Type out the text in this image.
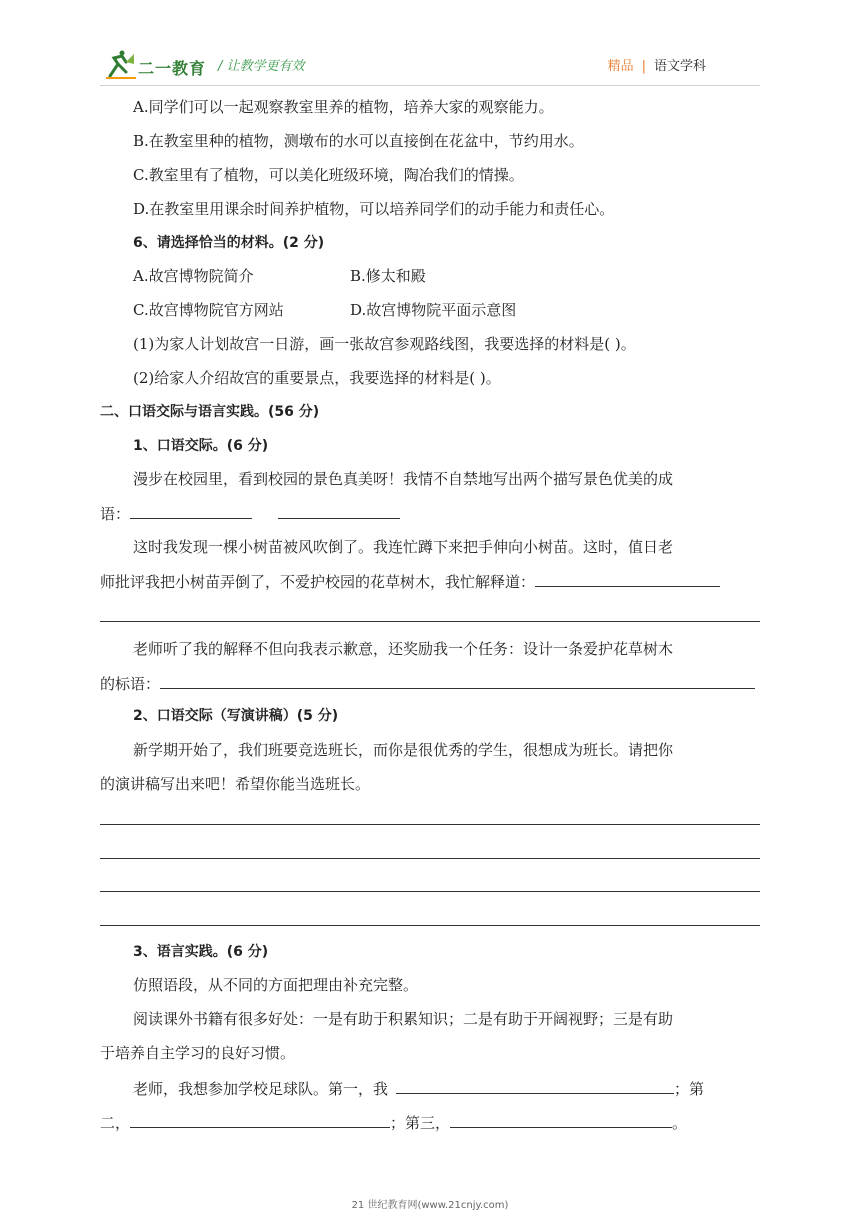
二一教育 / 让教学更有效	精品 | 语文学科
A.同学们可以一起观察教室里养的植物，培养大家的观察能力。
B.在教室里种的植物，测墩布的水可以直接倒在花盆中，节约用水。
C.教室里有了植物，可以美化班级环境，陶冶我们的情操。
D.在教室里用课余时间养护植物，可以培养同学们的动手能力和责任心。
6、请选择恰当的材料。(2 分)
A.故宫博物院简介	B.修太和殿
C.故宫博物院官方网站	D.故宫博物院平面示意图
(1)为家人计划故宫一日游，画一张故宫参观路线图，我要选择的材料是( )。
(2)给家人介绍故宫的重要景点，我要选择的材料是( )。
二、口语交际与语言实践。(56 分)
1、口语交际。(6 分)
漫步在校园里，看到校园的景色真美呀！我情不自禁地写出两个描写景色优美的成
语：
这时我发现一棵小树苗被风吹倒了。我连忙蹲下来把手伸向小树苗。这时，值日老
师批评我把小树苗弄倒了，不爱护校园的花草树木，我忙解释道：
老师听了我的解释不但向我表示歉意，还奖励我一个任务：设计一条爱护花草树木
的标语：
2、口语交际（写演讲稿）(5 分)
新学期开始了，我们班要竞选班长，而你是很优秀的学生，很想成为班长。请把你
的演讲稿写出来吧！希望你能当选班长。
3、语言实践。(6 分)
仿照语段，从不同的方面把理由补充完整。
阅读课外书籍有很多好处：一是有助于积累知识；二是有助于开阔视野；三是有助
于培养自主学习的良好习惯。
老师，我想参加学校足球队。第一，我	；第
二，	；第三，	。
21 世纪教育网(www.21cnjy.com)
